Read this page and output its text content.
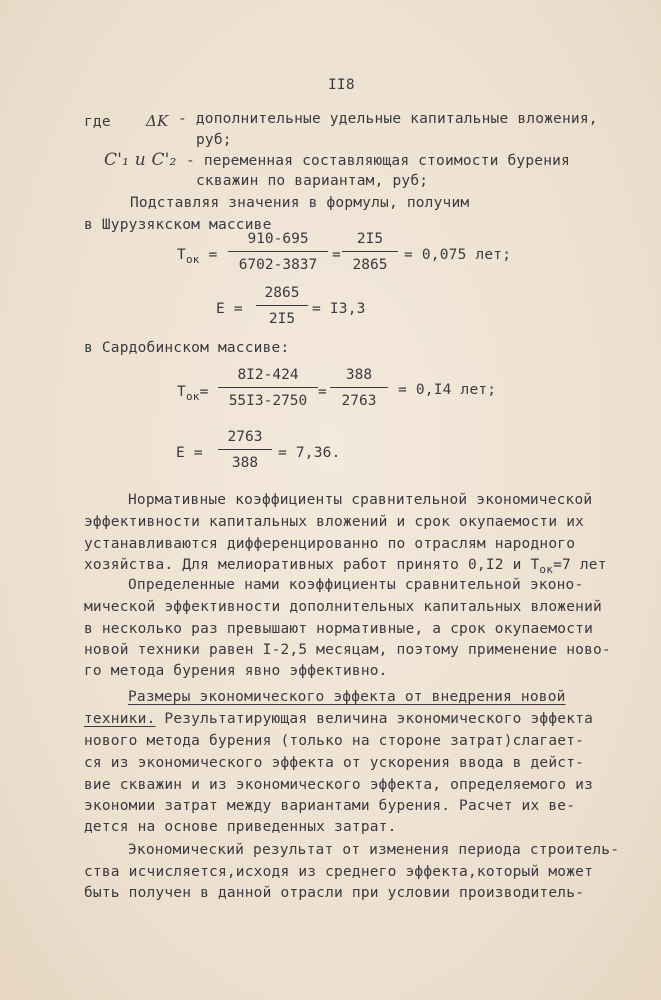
II8
где ΔK - дополнительные удельные капитальные вложения,
руб;
C'₁ и C'₂ - переменная составляющая стоимости бурения
скважин по вариантам, руб;
Подставляя значения в формулы, получим
в Шурузякском массиве
$T_{ок}$ =
910-695
6702-3837
=
2I5
2865
= 0,075 лет;
E =
2865
2I5
= I3,3
в Сардобинском массиве:
$T_{ок}=$
8I2-424
55I3-2750
=
388
2763
= 0,I4 лет;
E =
2763
388
= 7,36.
Нормативные коэффициенты сравнительной экономической
эффективности капитальных вложений и срок окупаемости их
устанавливаются дифференцированно по отраслям народного
хозяйства. Для мелиоративных работ принято 0,I2 и $T_{ок}=7$ лет
Определенные нами коэффициенты сравнительной эконо-
мической эффективности дополнительных капитальных вложений
в несколько раз превышают нормативные, а срок окупаемости
новой техники равен I-2,5 месяцам, поэтому применение ново-
го метода бурения явно эффективно.
Размеры экономического эффекта от внедрения новой
техники. Результатирующая величина экономического эффекта
нового метода бурения (только на стороне затрат)слагает-
ся из экономического эффекта от ускорения ввода в дейст-
вие скважин и из экономического эффекта, определяемого из
экономии затрат между вариантами бурения. Расчет их ве-
дется на основе приведенных затрат.
Экономический результат от изменения периода строитель-
ства исчисляется,исходя из среднего эффекта,который может
быть получен в данной отрасли при условии производитель-
